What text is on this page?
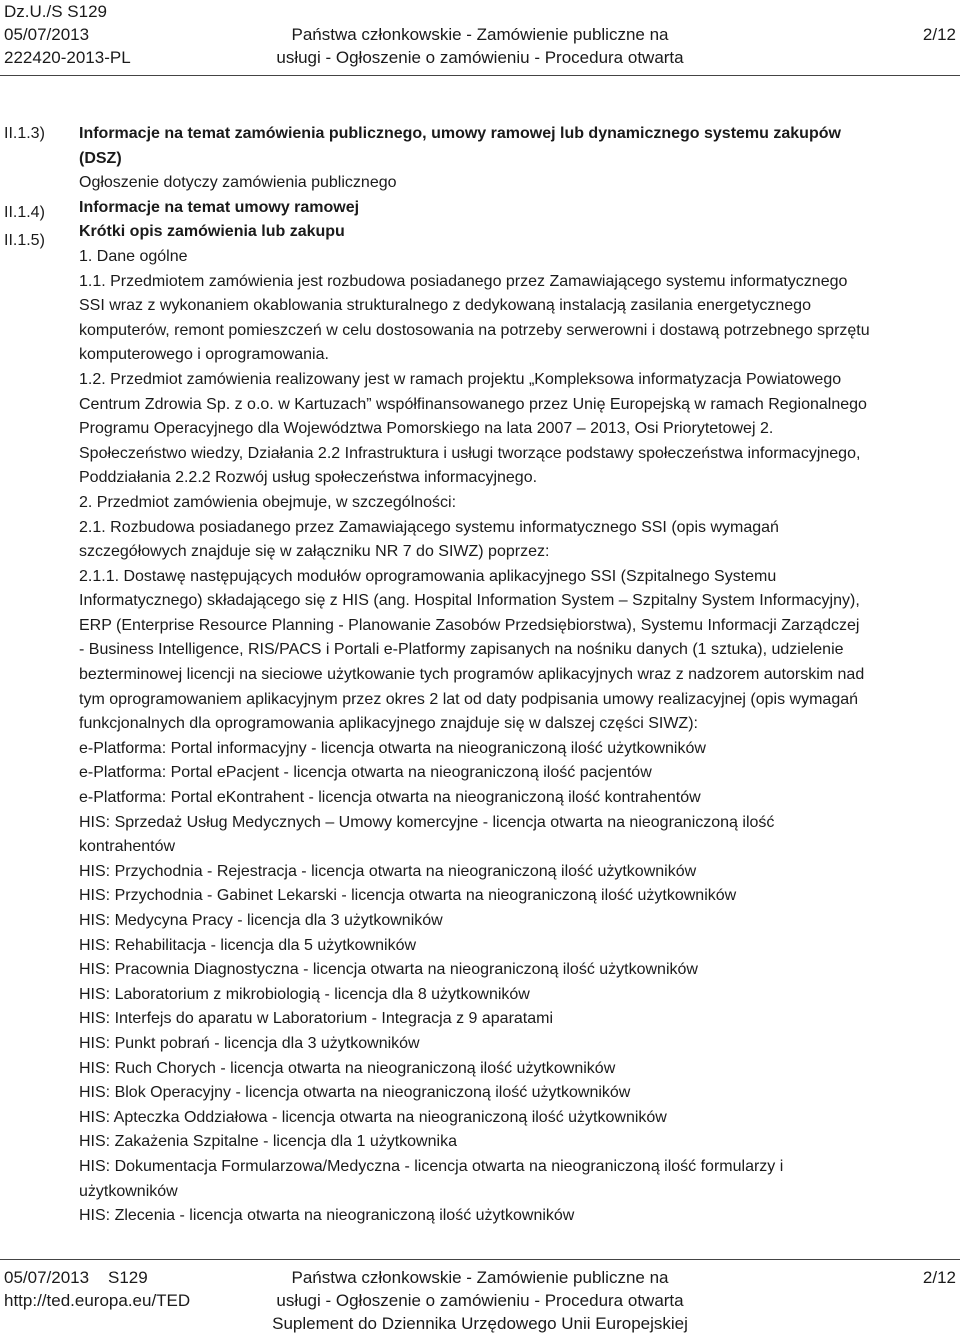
Dz.U./S S129
05/07/2013
222420-2013-PL
Państwa członkowskie - Zamówienie publiczne na
usługi - Ogłoszenie o zamówieniu - Procedura otwarta
2/12
II.1.3)
II.1.4)
II.1.5)

Informacje na temat zamówienia publicznego, umowy ramowej lub dynamicznego systemu zakupów

(DSZ)

Ogłoszenie dotyczy zamówienia publicznego

Informacje na temat umowy ramowej

Krótki opis zamówienia lub zakupu

1. Dane ogólne

1.1. Przedmiotem zamówienia jest rozbudowa posiadanego przez Zamawiającego systemu informatycznego

SSI wraz z wykonaniem okablowania strukturalnego z dedykowaną instalacją zasilania energetycznego

komputerów, remont pomieszczeń w celu dostosowania na potrzeby serwerowni i dostawą potrzebnego sprzętu

komputerowego i oprogramowania.

1.2. Przedmiot zamówienia realizowany jest w ramach projektu „Kompleksowa informatyzacja Powiatowego

Centrum Zdrowia Sp. z o.o. w Kartuzach” współfinansowanego przez Unię Europejską w ramach Regionalnego

Programu Operacyjnego dla Województwa Pomorskiego na lata 2007 – 2013, Osi Priorytetowej 2.

Społeczeństwo wiedzy, Działania 2.2 Infrastruktura i usługi tworzące podstawy społeczeństwa informacyjnego,

Poddziałania 2.2.2 Rozwój usług społeczeństwa informacyjnego.

2. Przedmiot zamówienia obejmuje, w szczególności:

2.1. Rozbudowa posiadanego przez Zamawiającego systemu informatycznego SSI (opis wymagań

szczegółowych znajduje się w załączniku NR 7 do SIWZ) poprzez:

2.1.1. Dostawę następujących modułów oprogramowania aplikacyjnego SSI (Szpitalnego Systemu

Informatycznego) składającego się z HIS (ang. Hospital Information System – Szpitalny System Informacyjny),

ERP (Enterprise Resource Planning - Planowanie Zasobów Przedsiębiorstwa), Systemu Informacji Zarządczej

- Business Intelligence, RIS/PACS i Portali e-Platformy zapisanych na nośniku danych (1 sztuka), udzielenie

bezterminowej licencji na sieciowe użytkowanie tych programów aplikacyjnych wraz z nadzorem autorskim nad

tym oprogramowaniem aplikacyjnym przez okres 2 lat od daty podpisania umowy realizacyjnej (opis wymagań

funkcjonalnych dla oprogramowania aplikacyjnego znajduje się w dalszej części SIWZ):

e-Platforma: Portal informacyjny - licencja otwarta na nieograniczoną ilość użytkowników

e-Platforma: Portal ePacjent - licencja otwarta na nieograniczoną ilość pacjentów

e-Platforma: Portal eKontrahent - licencja otwarta na nieograniczoną ilość kontrahentów

HIS: Sprzedaż Usług Medycznych – Umowy komercyjne - licencja otwarta na nieograniczoną ilość

kontrahentów

HIS: Przychodnia - Rejestracja - licencja otwarta na nieograniczoną ilość użytkowników

HIS: Przychodnia - Gabinet Lekarski - licencja otwarta na nieograniczoną ilość użytkowników

HIS: Medycyna Pracy - licencja dla 3 użytkowników

HIS: Rehabilitacja - licencja dla 5 użytkowników

HIS: Pracownia Diagnostyczna - licencja otwarta na nieograniczoną ilość użytkowników

HIS: Laboratorium z mikrobiologią - licencja dla 8 użytkowników

HIS: Interfejs do aparatu w Laboratorium - Integracja z 9 aparatami

HIS: Punkt pobrań - licencja dla 3 użytkowników

HIS: Ruch Chorych - licencja otwarta na nieograniczoną ilość użytkowników

HIS: Blok Operacyjny - licencja otwarta na nieograniczoną ilość użytkowników

HIS: Apteczka Oddziałowa - licencja otwarta na nieograniczoną ilość użytkowników

HIS: Zakażenia Szpitalne - licencja dla 1 użytkownika

HIS: Dokumentacja Formularzowa/Medyczna - licencja otwarta na nieograniczoną ilość formularzy i

użytkowników

HIS: Zlecenia - licencja otwarta na nieograniczoną ilość użytkowników

05/07/2013 S129
http://ted.europa.eu/TED
Państwa członkowskie - Zamówienie publiczne na
usługi - Ogłoszenie o zamówieniu - Procedura otwarta
Suplement do Dziennika Urzędowego Unii Europejskiej
2/12
